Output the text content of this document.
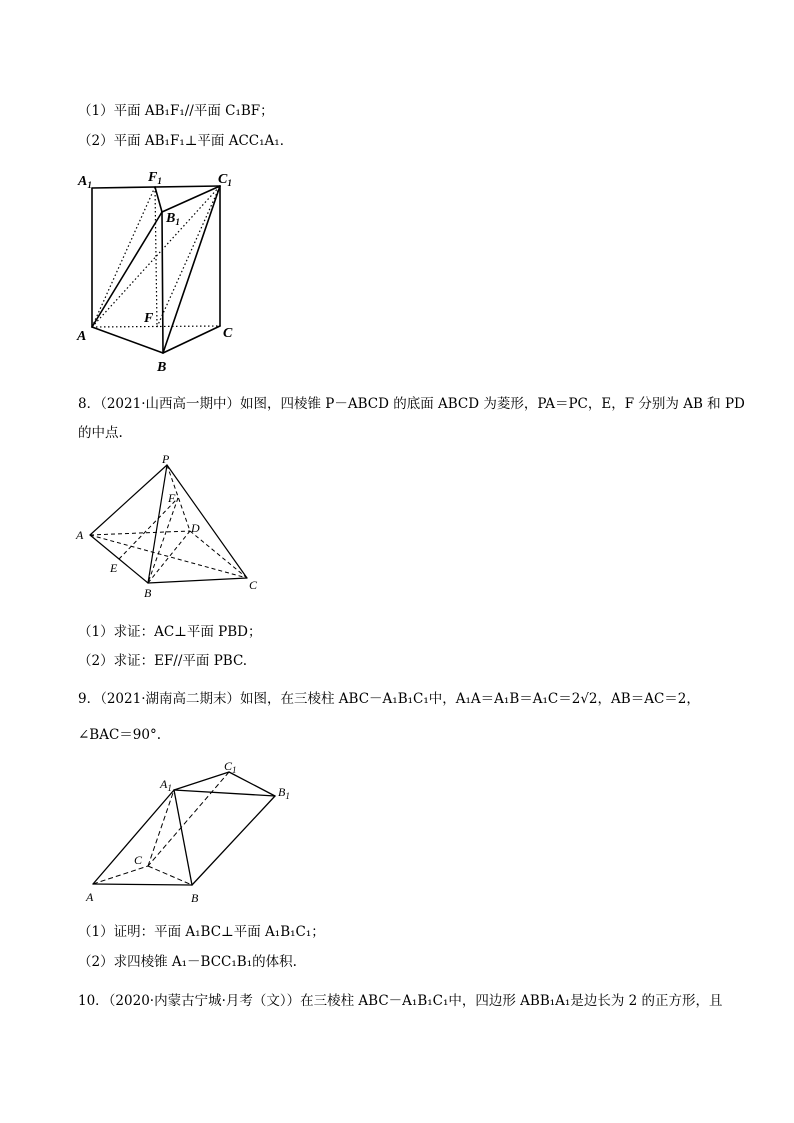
（1）平面 AB₁F₁//平面 C₁BF；
（2）平面 AB₁F₁⊥平面 ACC₁A₁．
$A_1$	$F_1$	$C_1$
$B_1$
F
A	C
B
8．（2021·山西高一期中）如图，四棱锥 P－ABCD 的底面 ABCD 为菱形，PA＝PC，E，F 分别为 AB 和 PD
的中点.
P
F
D
A
E
B
C
（1）求证：AC⊥平面 PBD；
（2）求证：EF//平面 PBC.
9．（2021·湖南高二期末）如图，在三棱柱 ABC－A₁B₁C₁中，A₁A＝A₁B＝A₁C＝2√2，AB＝AC＝2，
∠BAC＝90°.
$C_1$
$A_1$	$B_1$
C
A	B
（1）证明：平面 A₁BC⊥平面 A₁B₁C₁；
（2）求四棱锥 A₁－BCC₁B₁的体积.
10．（2020·内蒙古宁城·月考（文））在三棱柱 ABC－A₁B₁C₁中，四边形 ABB₁A₁是边长为 2 的正方形，且
